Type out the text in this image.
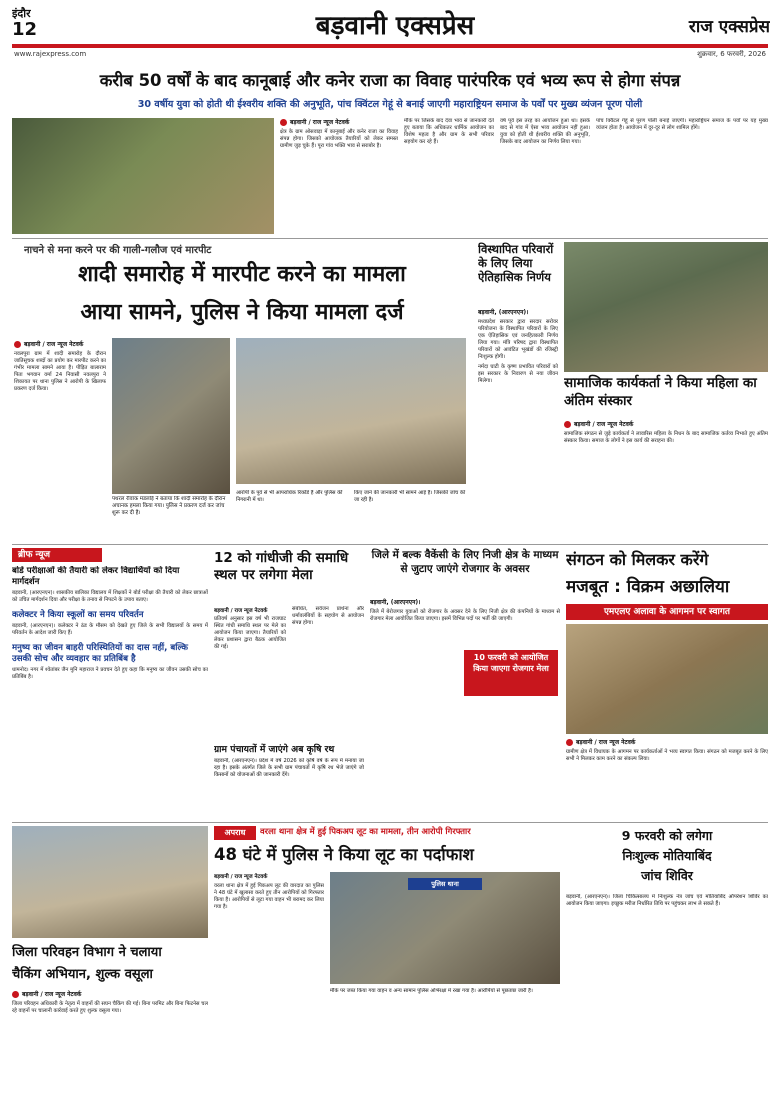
इंदौर
12	बड़वानी एक्सप्रेस	राज एक्सप्रेस
www.rajexpress.com	शुक्रवार, 6 फरवरी, 2026
करीब 50 वर्षों के बाद कानूबाई और कनेर राजा का विवाह पारंपरिक एवं भव्य रूप से होगा संपन्न
30 वर्षीय युवा को होती थी ईश्वरीय शक्ति की अनुभूति, पांच क्विंटल गेहूं से बनाई जाएगी महाराष्ट्रियन समाज के पर्वों पर मुख्य व्यंजन पूरण पोली
बड़वानी / राज न्यूज नेटवर्क

क्षेत्र के ग्राम ओसवाड़ा में कानूबाई और कनेर राजा का विवाह संपन्न होगा। जिसको आयोजक तैयारियों को लेकर समस्त ग्रामीण जुड़ चुके हैं। पूरा गांव भक्ति भाव से सराबोर है।

मौके पर जिसके बाद देवा भाव से जानकारी देते हुए बताया कि अधिकतर धार्मिक आयोजन का विशेष महत्व है और ग्राम के सभी परिवार सहयोग कर रहे हैं।

वर्ष पूर्व इस तरह का आयोजन हुआ था। इसके बाद से गांव में ऐसा भव्य आयोजन नहीं हुआ। युवा को होती थी ईश्वरीय शक्ति की अनुभूति, जिसके बाद आयोजन का निर्णय लिया गया।

पांच क्विंटल गेहूं से पूरण पोली बनाई जाएगी। महाराष्ट्रियन समाज के पर्वों पर यह मुख्य व्यंजन होता है। आयोजन में दूर-दूर से लोग शामिल होंगे।

नाचने से मना करने पर की गाली-गलौज एवं मारपीट
शादी समारोह में मारपीट करने का मामला
आया सामने, पुलिस ने किया मामला दर्ज
बड़वानी / राज न्यूज नेटवर्क

नवलपुरा ग्राम में शादी समारोह के दौरान जातिसूचक शब्दों का प्रयोग कर मारपीट करने का गंभीर मामला सामने आया है। पीड़ित बालाराम पिता भगवान वर्मा 24 निवासी नवलपुरा ने शिकायत पर थाना पुलिस ने आरोपी के खिलाफ प्रकरण दर्ज किया।

पथरल रीवांक मंडलोई ने बताया कि शादी समारोह के दौरान अचानक हमला किया गया। पुलिस ने प्रकरण दर्ज कर जांच शुरू कर दी है।
आरोपी के पूर्व से भी आपराधिक रिकॉर्ड है और पुलिस की निगरानी में था।
किए जाने की जानकारी भी सामने आई है। जिसकी जांच की जा रही है।
विस्थापित परिवारों के लिए लिया ऐतिहासिक निर्णय
बड़वानी, (आरएनएन)।

मध्यप्रदेश सरकार द्वारा सरदार सरोवर परियोजना के विस्थापित परिवारों के लिए एक ऐतिहासिक एवं जनहितकारी निर्णय लिया गया। मंत्रि परिषद द्वारा विस्थापित परिवारों को आवंटित भूखंडों की रजिस्ट्री निःशुल्क होगी।

नर्मदा घाटी के कृष्ण प्रभावित परिवारों को इस सरकार के निवारण से नया जीवन मिलेगा।	सामाजिक कार्यकर्ता ने किया महिला का अंतिम संस्कार
बड़वानी / राज न्यूज नेटवर्क

सामाजिक संगठन से जुड़े कार्यकर्ता ने लावारिस महिला के निधन के बाद सामाजिक कर्तव्य निभाते हुए अंतिम संस्कार किया। समाज के लोगों ने इस कार्य की सराहना की।

ब्रीफ न्यूज
बोर्ड परीक्षाओं की तैयारी को लेकर विद्यार्थियों को दिया मार्गदर्शन

बड़वानी, (आरएनएन)। शासकीय बालिका विद्यालय में शिक्षकों ने बोर्ड परीक्षा की तैयारी को लेकर छात्राओं को उचित मार्गदर्शन दिया और परीक्षा के तनाव से निपटने के उपाय बताए।

कलेक्टर ने किया स्कूलों का समय परिवर्तन

बड़वानी, (आरएनएन)। कलेक्टर ने ठंड के मौसम को देखते हुए जिले के सभी विद्यालयों के समय में परिवर्तन के आदेश जारी किए हैं।

मनुष्य का जीवन बाहरी परिस्थितियों का दास नहीं, बल्कि उसकी सोच और व्यवहार का प्रतिबिंब है

धामनोद। नगर में श्वेतांबर जैन मुनि महाराज ने प्रवचन देते हुए कहा कि मनुष्य का जीवन उसकी सोच का प्रतिबिंब है।

12 को गांधीजी की समाधि स्थल पर लगेगा मेला
बड़वानी / राज न्यूज नेटवर्क

प्रतिवर्ष अनुसार इस वर्ष भी राजघाट स्थित गांधी समाधि स्थल पर मेले का आयोजन किया जाएगा। तैयारियों को लेकर प्रशासन द्वारा बैठक आयोजित की गई।

संबंधित, सर्वजन प्रार्थना और धर्मावलंबियों के सहयोग से आयोजन संपन्न होगा।

ग्राम पंचायतों में जाएंगे अब कृषि रथ
बड़वानी, (आरएनएन)। प्रदेश में वर्ष 2026 को कृषि वर्ष के रूप में मनाया जा रहा है। इसके अंतर्गत जिले के सभी ग्राम पंचायतों में कृषि रथ भेजे जाएंगे जो किसानों को योजनाओं की जानकारी देंगे।
जिले में बल्क वैकेंसी के लिए निजी क्षेत्र के माध्यम से जुटाए जाएंगे रोजगार के अवसर
बड़वानी, (आरएनएन)।

जिले में बेरोजगार युवाओं को रोजगार के अवसर देने के लिए निजी क्षेत्र की कंपनियों के माध्यम से रोजगार मेला आयोजित किया जाएगा। इसमें विभिन्न पदों पर भर्ती की जाएगी।

10 फरवरी को आयोजित किया जाएगा रोजगार मेला
संगठन को मिलकर करेंगे
मजबूत : विक्रम अछालिया
एमएलए अलावा के आगमन पर स्वागत
बड़वानी / राज न्यूज नेटवर्क

ग्रामीण क्षेत्र में विधायक के आगमन पर कार्यकर्ताओं ने भव्य स्वागत किया। संगठन को मजबूत करने के लिए सभी ने मिलकर काम करने का संकल्प लिया।

अपराध	वरला थाना क्षेत्र में हुई पिकअप लूट का मामला, तीन आरोपी गिरफ्तार
48 घंटे में पुलिस ने किया लूट का पर्दाफाश
बड़वानी / राज न्यूज नेटवर्क

वरला थाना क्षेत्र में हुई पिकअप लूट की वारदात का पुलिस ने 48 घंटे में खुलासा करते हुए तीन आरोपियों को गिरफ्तार किया है। आरोपियों से लूटा गया वाहन भी बरामद कर लिया गया है।

पुलिस थाना
मौके पर जब्त किया गया वाहन व अन्य सामान पुलिस अभिरक्षा में रखा गया है। आरोपियों से पूछताछ जारी है।
जिला परिवहन विभाग ने चलाया
चैकिंग अभियान, शुल्क वसूला
बड़वानी / राज न्यूज नेटवर्क

जिला परिवहन अधिकारी के नेतृत्व में वाहनों की सघन चैकिंग की गई। बिना परमिट और बिना फिटनेस चल रहे वाहनों पर चालानी कार्रवाई करते हुए शुल्क वसूला गया।

9 फरवरी को लगेगा
निःशुल्क मोतियाबिंद
जांच शिविर
बड़वानी, (आरएनएन)। जिला चिकित्सालय में निःशुल्क नेत्र जांच एवं मोतियाबिंद ऑपरेशन शिविर का आयोजन किया जाएगा। इच्छुक मरीज निर्धारित तिथि पर पहुंचकर लाभ ले सकते हैं।
